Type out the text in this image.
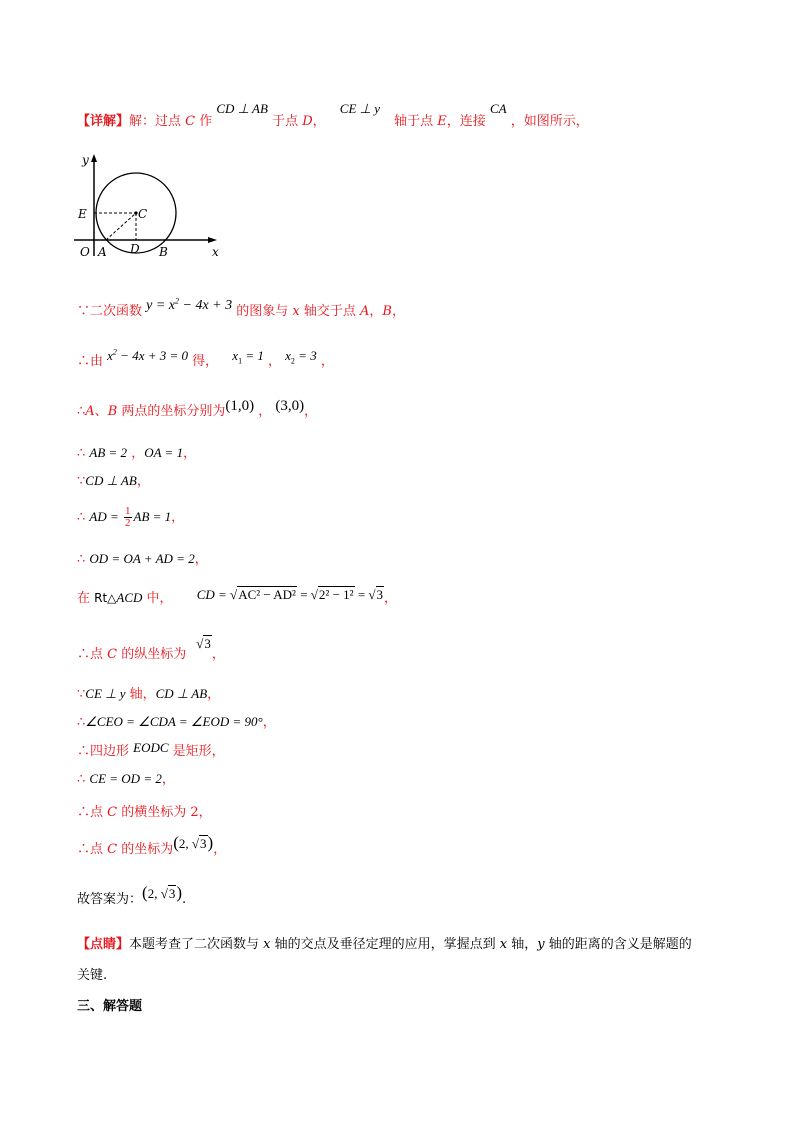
【详解】解：过点 C 作 CD ⊥ AB 于点 D， CE ⊥ y 轴于点 E，连接 CA ，如图所示，
y
x
E	C
O A D B
∵二次函数 $y = x^2 - 4x + 3$ 的图象与 x 轴交于点 A，B，
∴由 $x^2 - 4x + 3 = 0$ 得， $x_1 = 1$ ， $x_2 = 3$ ，
∴A、B 两点的坐标分别为(1,0) ， (3,0)，
∴ AB = 2 ，OA = 1，
∵CD ⊥ AB，
∴ AD = $\frac{1}{2}$ AB = 1，
∴ OD = OA + AD = 2，
在 Rt△ACD 中， CD = √AC² − AD² = √2² − 1² = √3，
∴点 C 的纵坐标为√3，
∵CE ⊥ y 轴，CD ⊥ AB，
∴∠CEO = ∠CDA = ∠EOD = 90°，
∴四边形 EODC 是矩形，
∴ CE = OD = 2，
∴点 C 的横坐标为 2，
∴点 C 的坐标为(2, √3)，
故答案为：(2, √3).
【点睛】本题考查了二次函数与 x 轴的交点及垂径定理的应用，掌握点到 x 轴，y 轴的距离的含义是解题的
关键.
三、解答题
